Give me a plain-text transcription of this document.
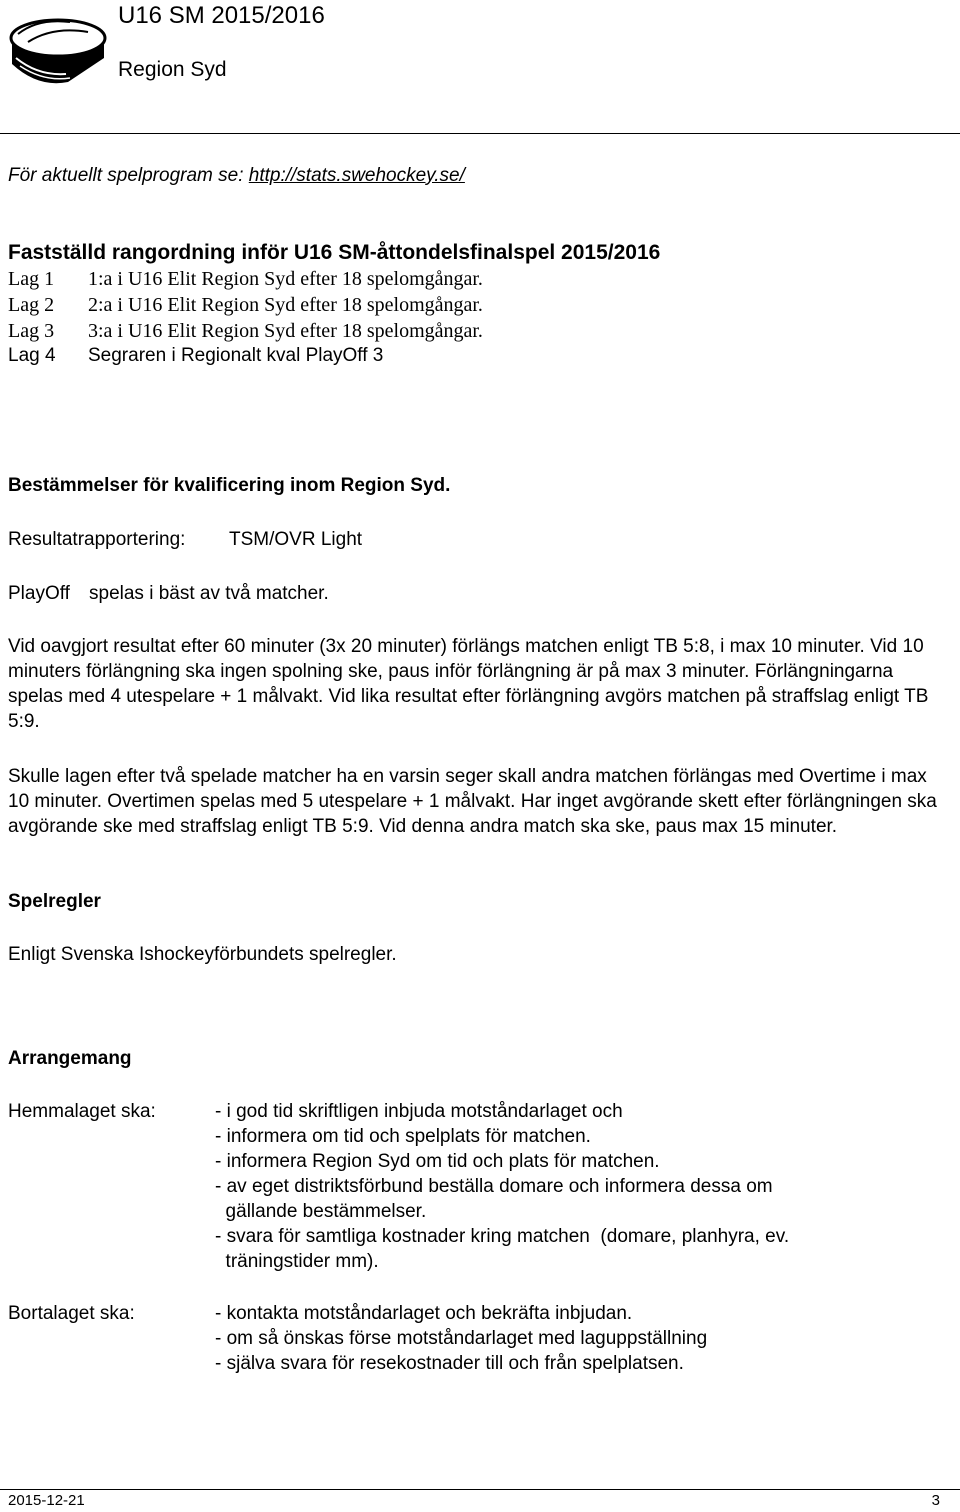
U16 SM 2015/2016
Region Syd
För aktuellt spelprogram se: http://stats.swehockey.se/
Fastställd rangordning inför U16 SM-åttondelsfinalspel 2015/2016
Lag 1 1:a i U16 Elit Region Syd efter 18 spelomgångar.
Lag 2 2:a i U16 Elit Region Syd efter 18 spelomgångar.
Lag 3 3:a i U16 Elit Region Syd efter 18 spelomgångar.
Lag 4 Segraren i Regionalt kval PlayOff 3
Bestämmelser för kvalificering inom Region Syd.
Resultatrapportering: TSM/OVR Light
PlayOff spelas i bäst av två matcher.
Vid oavgjort resultat efter 60 minuter (3x 20 minuter) förlängs matchen enligt TB 5:8, i max 10 minuter. Vid 10 minuters förlängning ska ingen spolning ske, paus inför förlängning är på max 3 minuter. Förlängningarna spelas med 4 utespelare + 1 målvakt. Vid lika resultat efter förlängning avgörs matchen på straffslag enligt TB 5:9.
Skulle lagen efter två spelade matcher ha en varsin seger skall andra matchen förlängas med Overtime i max 10 minuter. Overtimen spelas med 5 utespelare + 1 målvakt. Har inget avgörande skett efter förlängningen ska avgörande ske med straffslag enligt TB 5:9. Vid denna andra match ska ske, paus max 15 minuter.
Spelregler
Enligt Svenska Ishockeyförbundets spelregler.
Arrangemang
Hemmalaget ska:	- i god tid skriftligen inbjuda motståndarlaget och
- informera om tid och spelplats för matchen.
- informera Region Syd om tid och plats för matchen.
- av eget distriktsförbund beställa domare och informera dessa om
gällande bestämmelser.
- svara för samtliga kostnader kring matchen  (domare, planhyra, ev.
träningstider mm).
Bortalaget ska:	- kontakta motståndarlaget och bekräfta inbjudan.
- om så önskas förse motståndarlaget med laguppställning
- själva svara för resekostnader till och från spelplatsen.
2015-12-21	3
